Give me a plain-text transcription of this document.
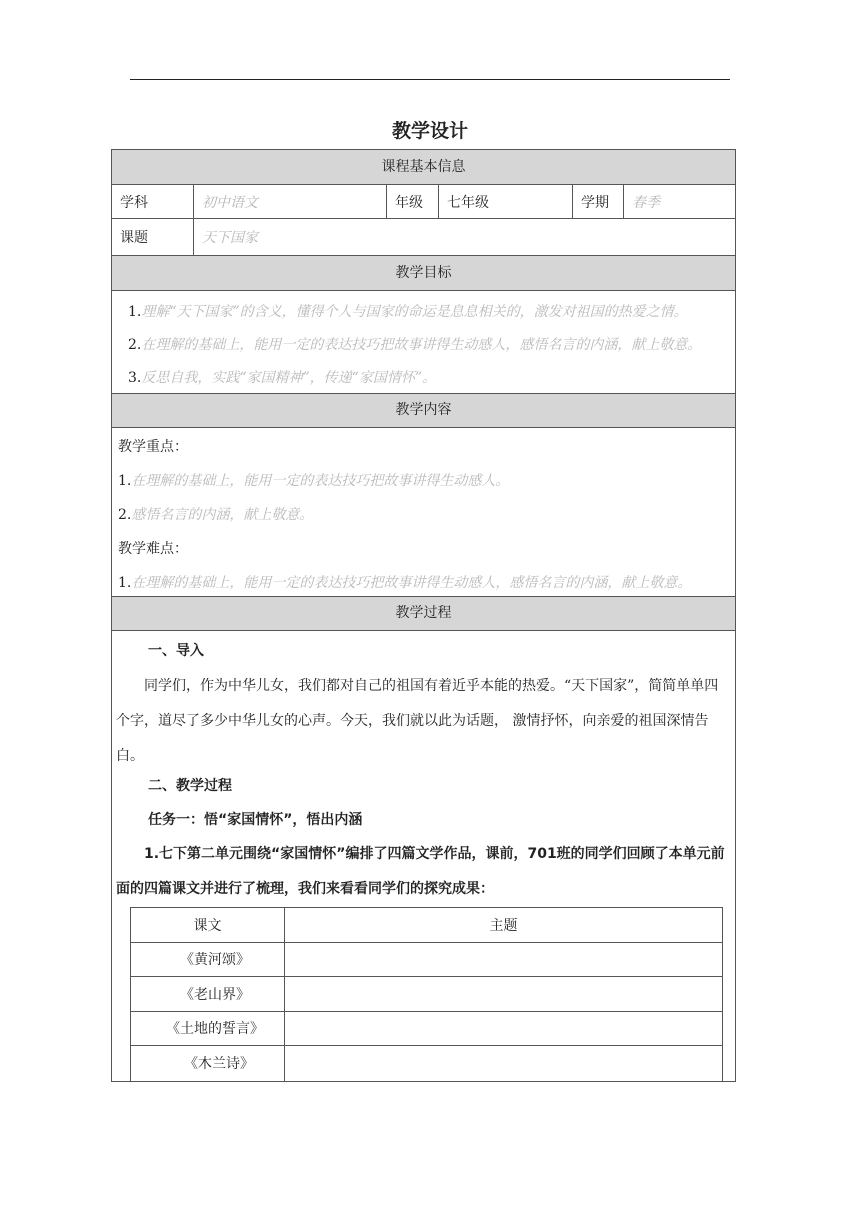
教学设计
课程基本信息
学科	初中语文	年级	七年级	学期	春季
课题	天下国家
教学目标
1.理解“天下国家”的含义，懂得个人与国家的命运是息息相关的，激发对祖国的热爱之情。
2.在理解的基础上，能用一定的表达技巧把故事讲得生动感人，感悟名言的内涵，献上敬意。
3.反思自我，实践“家国精神”，传递“家国情怀”。
教学内容
教学重点：
1.在理解的基础上，能用一定的表达技巧把故事讲得生动感人。
2.感悟名言的内涵，献上敬意。
教学难点：
1.在理解的基础上，能用一定的表达技巧把故事讲得生动感人，感悟名言的内涵，献上敬意。
教学过程
一、导入
同学们，作为中华儿女，我们都对自己的祖国有着近乎本能的热爱。“天下国家”，简简单单四个字，道尽了多少中华儿女的心声。今天，我们就以此为话题， 激情抒怀，向亲爱的祖国深情告白。
二、教学过程
任务一：悟“家国情怀”，悟出内涵
1.七下第二单元围绕“家国情怀”编排了四篇文学作品，课前，701班的同学们回顾了本单元前面的四篇课文并进行了梳理，我们来看看同学们的探究成果：
课文	主题
《黄河颂》
《老山界》
《土地的誓言》
《木兰诗》
